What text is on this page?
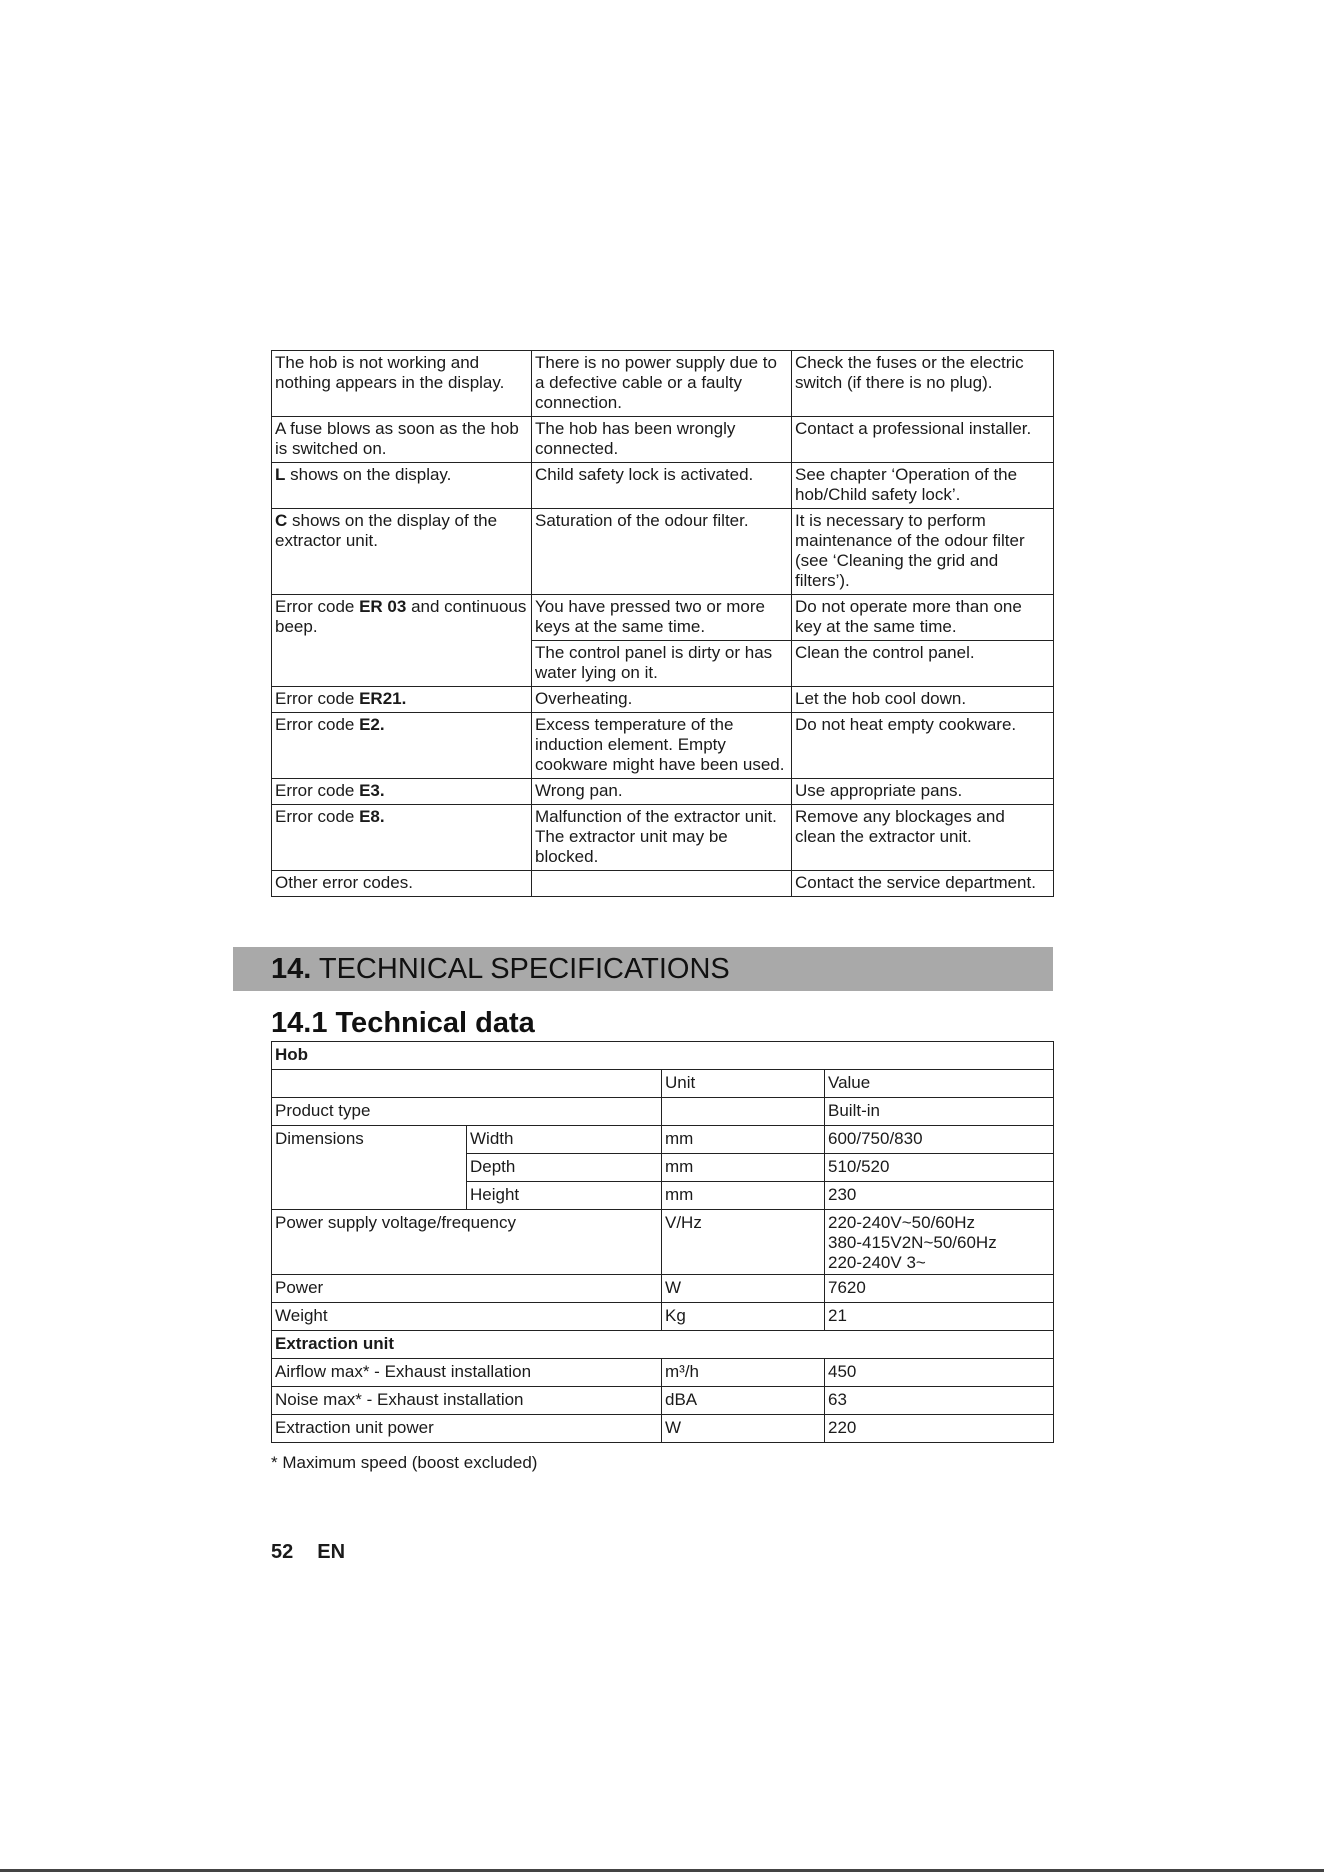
The hob is not working and nothing appears in the display.	There is no power supply due to a defective cable or a faulty connection.	Check the fuses or the electric switch (if there is no plug).
A fuse blows as soon as the hob is switched on.	The hob has been wrongly connected.	Contact a professional installer.
L shows on the display.	Child safety lock is activated.	See chapter ‘Operation of the hob/Child safety lock’.
C shows on the display of the extractor unit.	Saturation of the odour filter.	It is necessary to perform maintenance of the odour filter (see ‘Cleaning the grid and filters’).
Error code ER 03 and continuous beep.	You have pressed two or more keys at the same time.	Do not operate more than one key at the same time.
	The control panel is dirty or has water lying on it.	Clean the control panel.
Error code ER21.	Overheating.	Let the hob cool down.
Error code E2.	Excess temperature of the induction element. Empty cookware might have been used.	Do not heat empty cookware.
Error code E3.	Wrong pan.	Use appropriate pans.
Error code E8.	Malfunction of the extractor unit. The extractor unit may be blocked.	Remove any blockages and clean the extractor unit.
Other error codes.		Contact the service department.
14. TECHNICAL SPECIFICATIONS
14.1 Technical data
Hob			
		Unit	Value
Product type			Built-in
Dimensions	Width	mm	600/750/830
	Depth	mm	510/520
	Height	mm	230
Power supply voltage/frequency		V/Hz	220-240V~50/60Hz
380-415V2N~50/60Hz
220-240V 3~

Power		W	7620
Weight		Kg	21
Extraction unit			
Airflow max* - Exhaust installation		m³/h	450
Noise max* - Exhaust installation		dBA	63
Extraction unit power		W	220
* Maximum speed (boost excluded)
52 EN
